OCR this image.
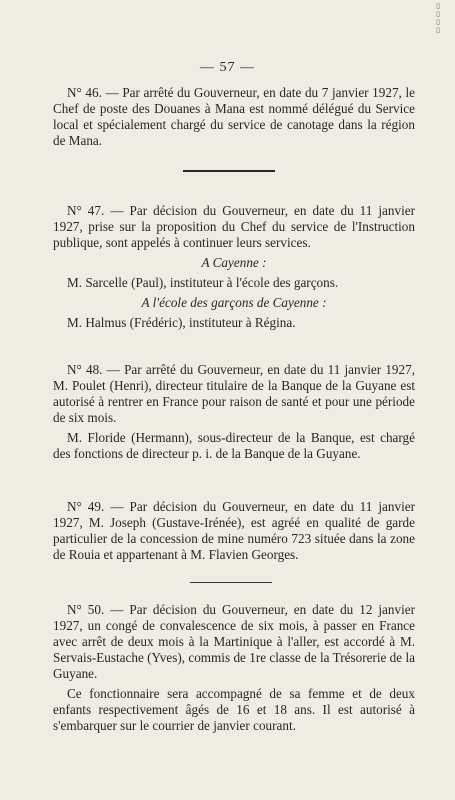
▯
▯
▯
▯
— 57 —

N° 46. — Par arrêté du Gouverneur, en date du 7 janvier 1927, le Chef de poste des Douanes à Mana est nommé délégué du Service local et spécialement chargé du service de canotage dans la région de Mana.

N° 47. — Par décision du Gouverneur, en date du 11 janvier 1927, prise sur la proposition du Chef du service de l'Instruction publique, sont appelés à continuer leurs services.

A Cayenne :

M. Sarcelle (Paul), instituteur à l'école des garçons.

A l'école des garçons de Cayenne :

M. Halmus (Frédéric), instituteur à Régina.

N° 48. — Par arrêté du Gouverneur, en date du 11 janvier 1927, M. Poulet (Henri), directeur titulaire de la Banque de la Guyane est autorisé à rentrer en France pour raison de santé et pour une période de six mois.

M. Floride (Hermann), sous-directeur de la Banque, est chargé des fonctions de directeur p. i. de la Banque de la Guyane.

N° 49. — Par décision du Gouverneur, en date du 11 janvier 1927, M. Joseph (Gustave-Irénée), est agréé en qualité de garde particulier de la concession de mine numéro 723 située dans la zone de Rouia et appartenant à M. Flavien Georges.

N° 50. — Par décision du Gouverneur, en date du 12 janvier 1927, un congé de convalescence de six mois, à passer en France avec arrêt de deux mois à la Martinique à l'aller, est accordé à M. Servais-Eustache (Yves), commis de 1re classe de la Trésorerie de la Guyane.

Ce fonctionnaire sera accompagné de sa femme et de deux enfants respectivement âgés de 16 et 18 ans. Il est autorisé à s'embarquer sur le courrier de janvier courant.
